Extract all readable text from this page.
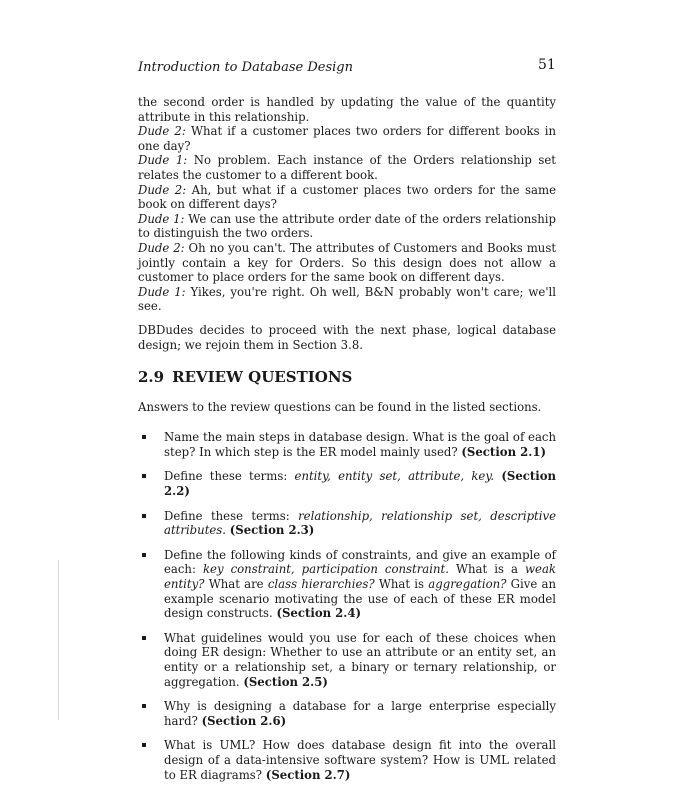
Introduction to Database Design	51

the second order is handled by updating the value of the quantity attribute in this relationship.

Dude 2: What if a customer places two orders for different books in one day?

Dude 1: No problem. Each instance of the Orders relationship set relates the customer to a different book.

Dude 2: Ah, but what if a customer places two orders for the same book on different days?

Dude 1: We can use the attribute order date of the orders relationship to distinguish the two orders.

Dude 2: Oh no you can't. The attributes of Customers and Books must jointly contain a key for Orders. So this design does not allow a customer to place orders for the same book on different days.

Dude 1: Yikes, you're right. Oh well, B&N probably won't care; we'll see.

DBDudes decides to proceed with the next phase, logical database design; we rejoin them in Section 3.8.

2.9 REVIEW QUESTIONS

Answers to the review questions can be found in the listed sections.

Name the main steps in database design. What is the goal of each step? In which step is the ER model mainly used? (Section 2.1)
Define these terms: entity, entity set, attribute, key. (Section 2.2)
Define these terms: relationship, relationship set, descriptive attributes. (Section 2.3)
Define the following kinds of constraints, and give an example of each: key constraint, participation constraint. What is a weak entity? What are class hierarchies? What is aggregation? Give an example scenario motivating the use of each of these ER model design constructs. (Section 2.4)
What guidelines would you use for each of these choices when doing ER design: Whether to use an attribute or an entity set, an entity or a relationship set, a binary or ternary relationship, or aggregation. (Section 2.5)
Why is designing a database for a large enterprise especially hard? (Section 2.6)
What is UML? How does database design fit into the overall design of a data-intensive software system? How is UML related to ER diagrams? (Section 2.7)
